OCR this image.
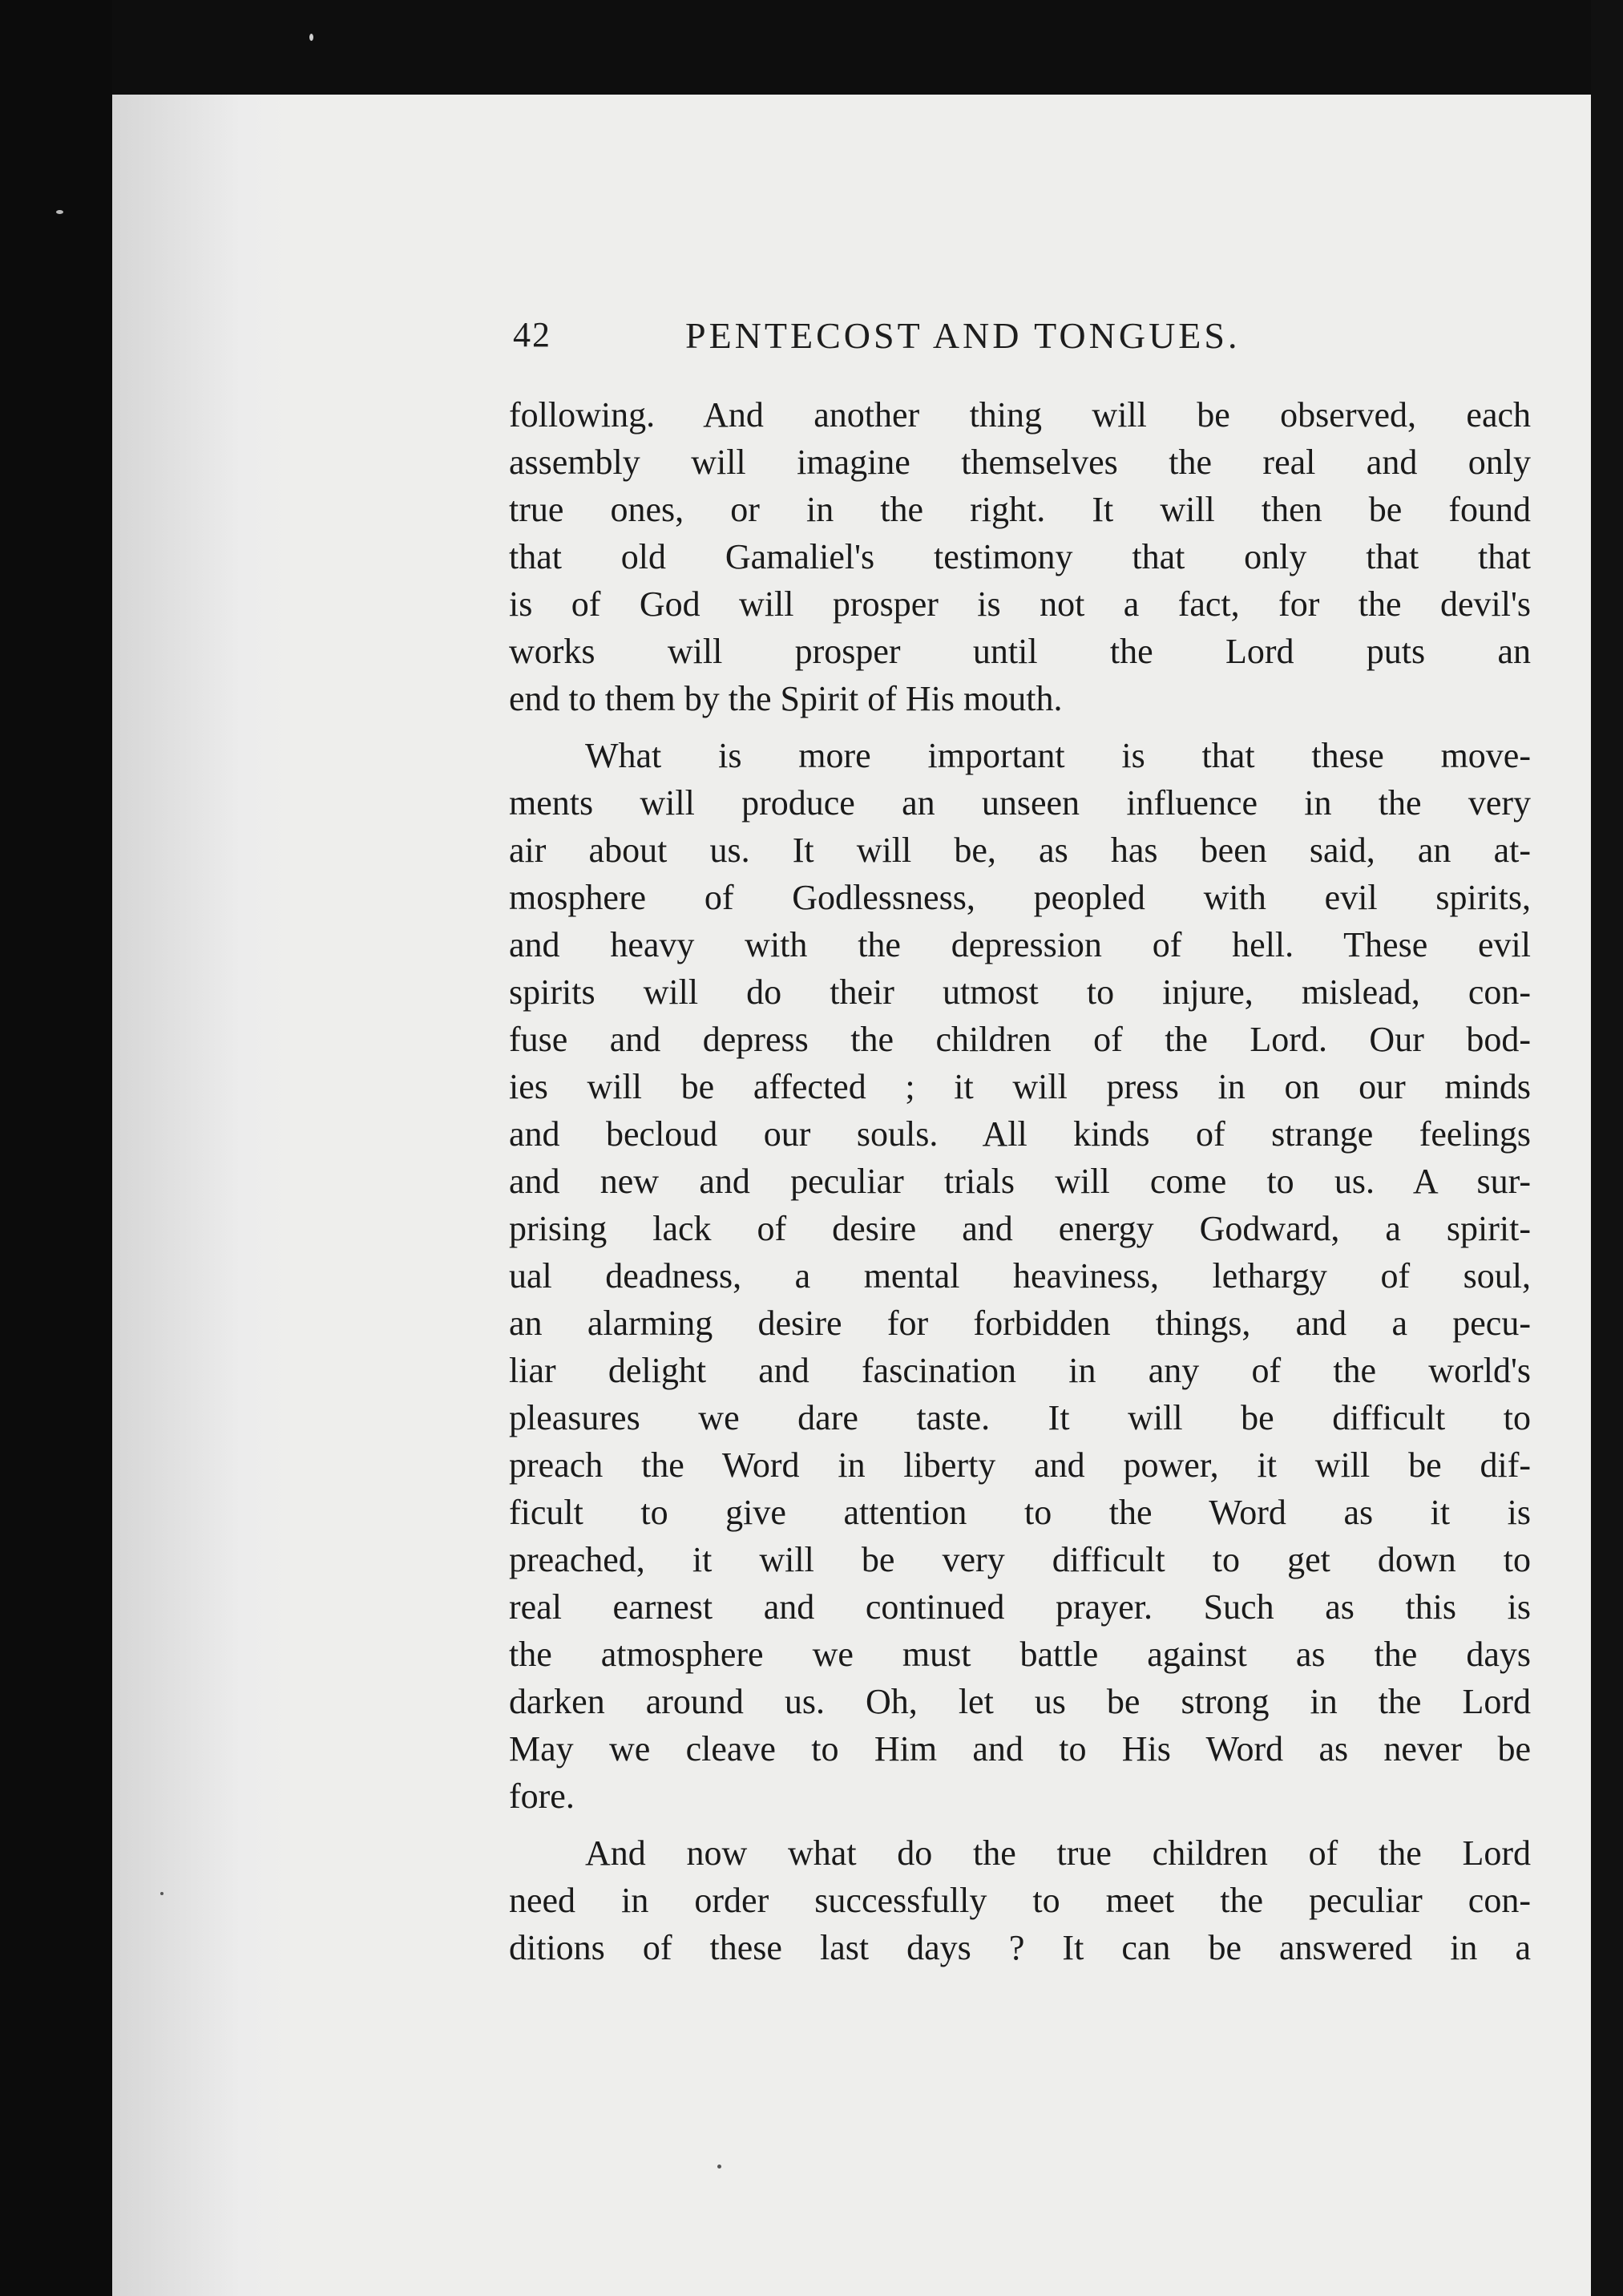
42	PENTECOST AND TONGUES.
following. And another thing will be observed, each
assembly will imagine themselves the real and only
true ones, or in the right. It will then be found
that old Gamaliel's testimony that only that that
is of God will prosper is not a fact, for the devil's
works will prosper until the Lord puts an
end to them by the Spirit of His mouth.
What is more important is that these move-
ments will produce an unseen influence in the very
air about us. It will be, as has been said, an at-
mosphere of Godlessness, peopled with evil spirits,
and heavy with the depression of hell. These evil
spirits will do their utmost to injure, mislead, con-
fuse and depress the children of the Lord. Our bod-
ies will be affected ; it will press in on our minds
and becloud our souls. All kinds of strange feelings
and new and peculiar trials will come to us. A sur-
prising lack of desire and energy Godward, a spirit-
ual deadness, a mental heaviness, lethargy of soul,
an alarming desire for forbidden things, and a pecu-
liar delight and fascination in any of the world's
pleasures we dare taste. It will be difficult to
preach the Word in liberty and power, it will be dif-
ficult to give attention to the Word as it is
preached, it will be very difficult to get down to
real earnest and continued prayer. Such as this is
the atmosphere we must battle against as the days
darken around us. Oh, let us be strong in the Lord
May we cleave to Him and to His Word as never be
fore.
And now what do the true children of the Lord
need in order successfully to meet the peculiar con-
ditions of these last days ? It can be answered in a
